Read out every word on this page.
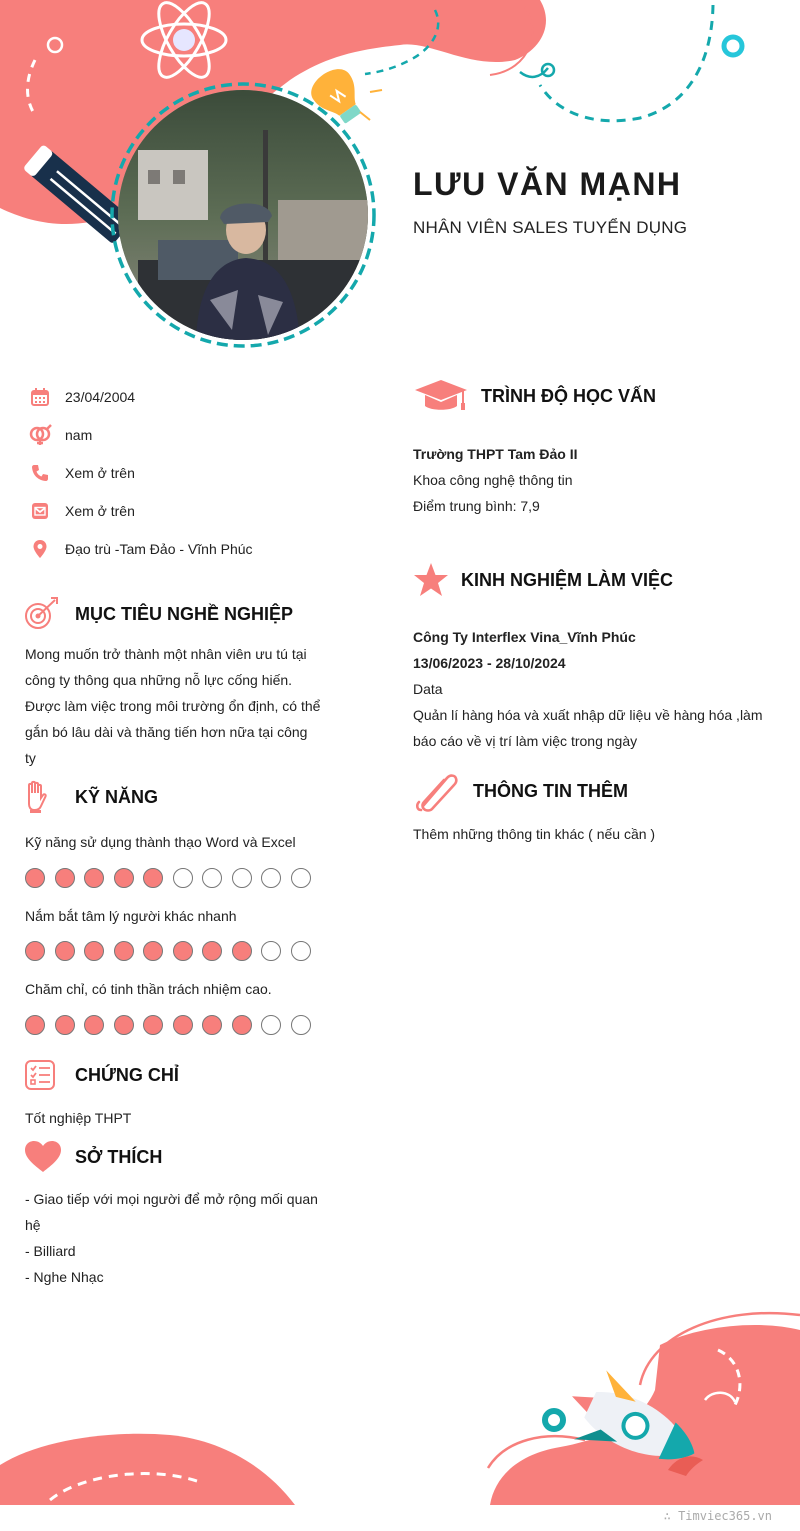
LƯU VĂN MẠNH
NHÂN VIÊN SALES TUYỂN DỤNG
23/04/2004
nam
Xem ở trên
Xem ở trên
Đạo trù -Tam Đảo - Vĩnh Phúc
MỤC TIÊU NGHỀ NGHIỆP
Mong muốn trở thành một nhân viên ưu tú tại
công ty thông qua những nỗ lực cống hiến.
Được làm việc trong môi trường ổn định, có thể
gắn bó lâu dài và thăng tiến hơn nữa tại công
ty
KỸ NĂNG
Kỹ năng sử dụng thành thạo Word và Excel
Nắm bắt tâm lý người khác nhanh
Chăm chỉ, có tinh thần trách nhiệm cao.
CHỨNG CHỈ
Tốt nghiệp THPT
SỞ THÍCH
- Giao tiếp với mọi người để mở rộng mối quan
hệ
- Billiard
- Nghe Nhạc
TRÌNH ĐỘ HỌC VẤN
Trường THPT Tam Đảo II
Khoa công nghệ thông tin
Điểm trung bình: 7,9
KINH NGHIỆM LÀM VIỆC
Công Ty Interflex Vina_Vĩnh Phúc
13/06/2023 - 28/10/2024
Data
Quản lí hàng hóa và xuất nhập dữ liệu về hàng hóa ,làm
báo cáo về vị trí làm việc trong ngày
THÔNG TIN THÊM
Thêm những thông tin khác ( nếu cần )
∴ Timviec365.vn
